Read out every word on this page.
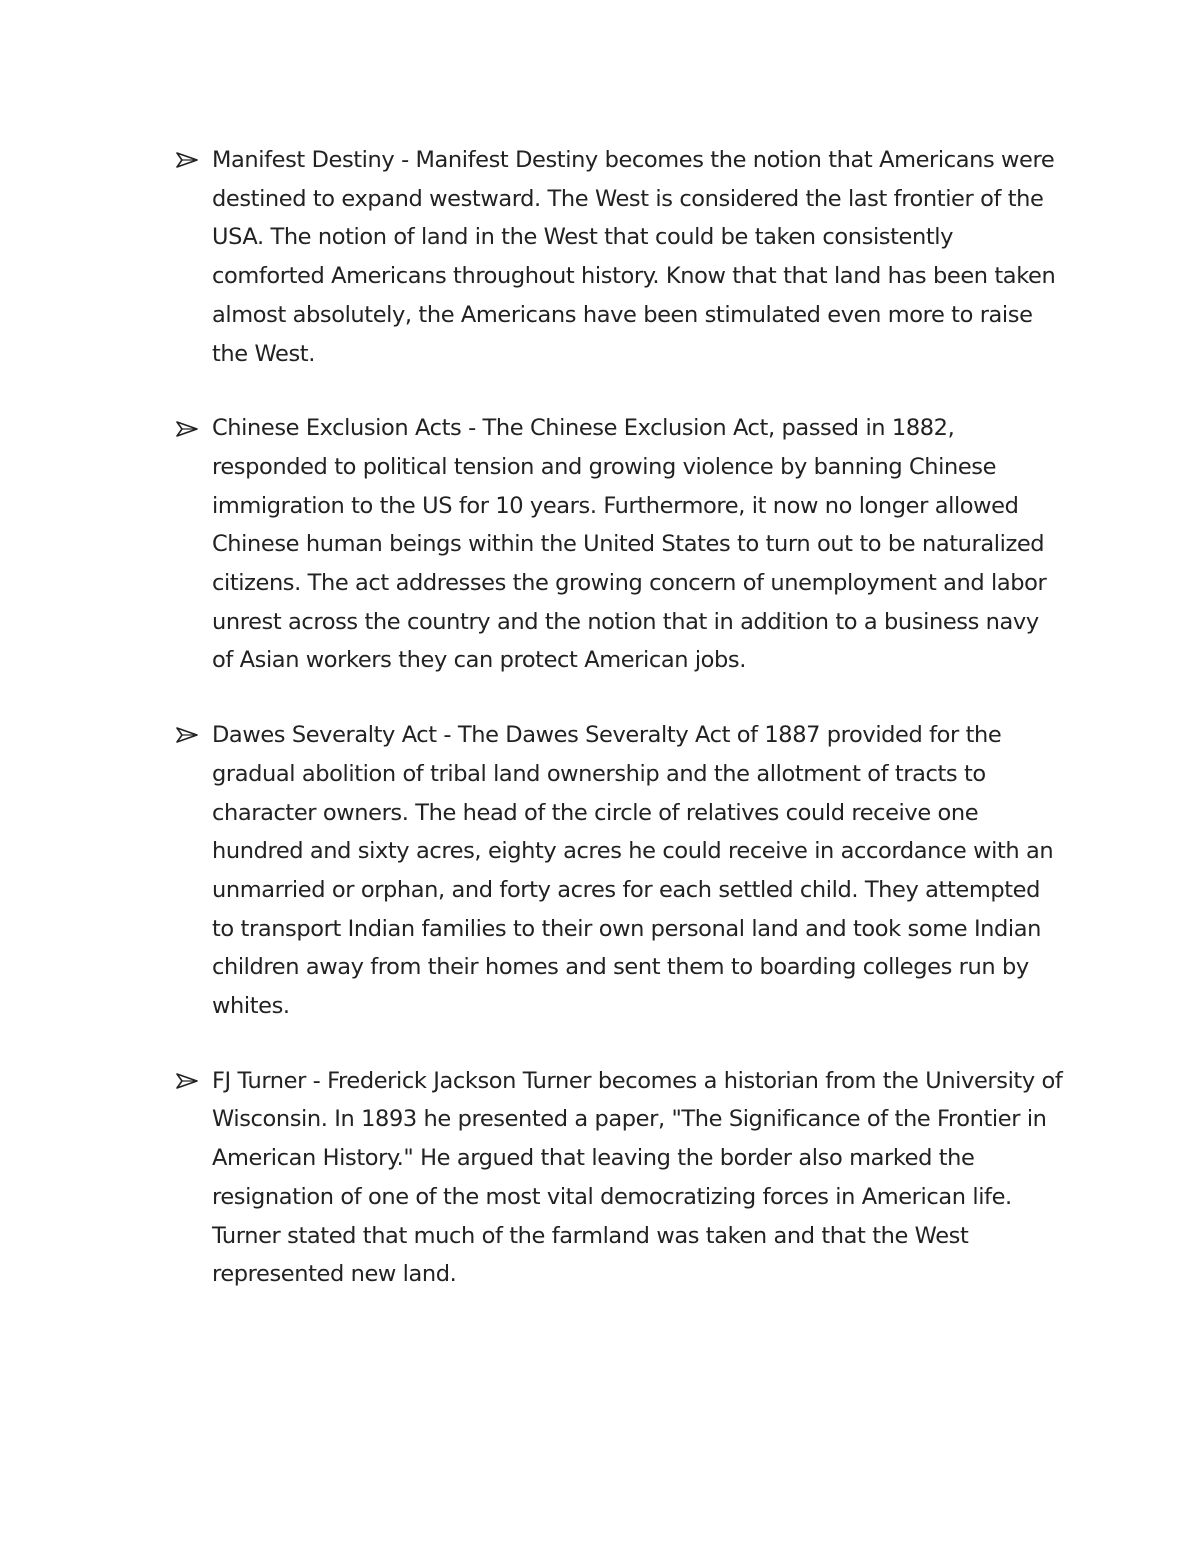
Manifest Destiny - Manifest Destiny becomes the notion that Americans were destined to expand westward. The West is considered the last frontier of the USA. The notion of land in the West that could be taken consistently comforted Americans throughout history. Know that that land has been taken almost absolutely, the Americans have been stimulated even more to raise the West.
Chinese Exclusion Acts - The Chinese Exclusion Act, passed in 1882, responded to political tension and growing violence by banning Chinese immigration to the US for 10 years. Furthermore, it now no longer allowed Chinese human beings within the United States to turn out to be naturalized citizens. The act addresses the growing concern of unemployment and labor unrest across the country and the notion that in addition to a business navy of Asian workers they can protect American jobs.
Dawes Severalty Act - The Dawes Severalty Act of 1887 provided for the gradual abolition of tribal land ownership and the allotment of tracts to character owners. The head of the circle of relatives could receive one hundred and sixty acres, eighty acres he could receive in accordance with an unmarried or orphan, and forty acres for each settled child. They attempted to transport Indian families to their own personal land and took some Indian children away from their homes and sent them to boarding colleges run by whites.
FJ Turner - Frederick Jackson Turner becomes a historian from the University of Wisconsin. In 1893 he presented a paper, "The Significance of the Frontier in American History." He argued that leaving the border also marked the resignation of one of the most vital democratizing forces in American life. Turner stated that much of the farmland was taken and that the West represented new land.
